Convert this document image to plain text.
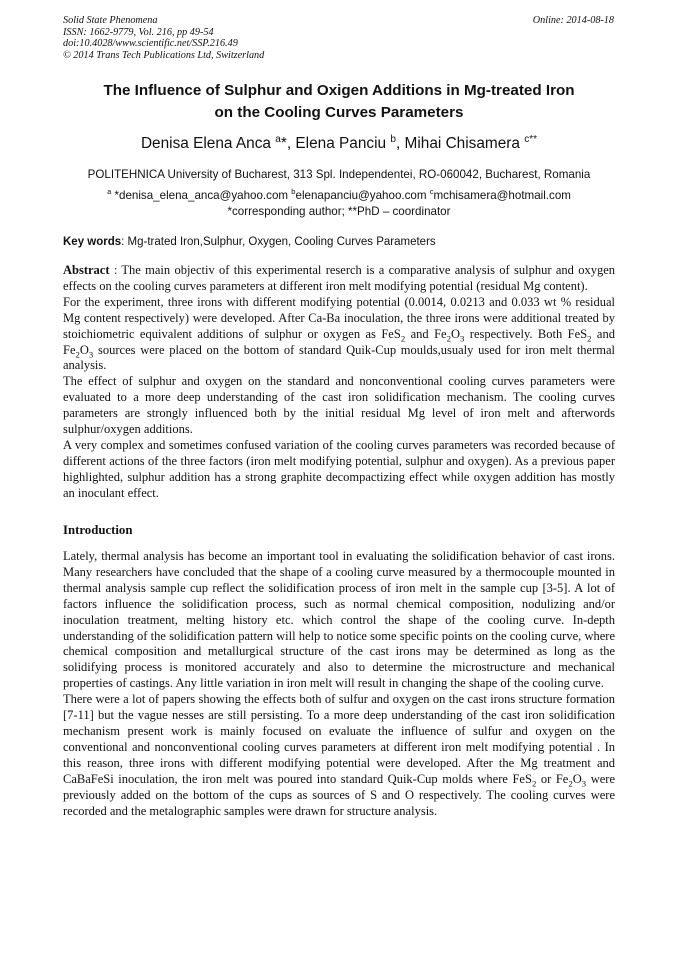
Solid State Phenomena
ISSN: 1662-9779, Vol. 216, pp 49-54
doi:10.4028/www.scientific.net/SSP.216.49
© 2014 Trans Tech Publications Ltd, Switzerland
Online: 2014-08-18
The Influence of Sulphur and Oxigen Additions in Mg-treated Iron
on the Cooling Curves Parameters
Denisa Elena Anca $^a$*, Elena Panciu $^b$, Mihai Chisamera $^{c**}$
POLITEHNICA University of Bucharest, 313 Spl. Independentei, RO-060042, Bucharest, Romania
$^a$ *denisa_elena_anca@yahoo.com $^b$elenapanciu@yahoo.com $^c$mchisamera@hotmail.com
*corresponding author; **PhD – coordinator
Key words: Mg-trated Iron,Sulphur, Oxygen, Cooling Curves Parameters

Abstract : The main objectiv of this experimental reserch is a comparative analysis of sulphur and oxygen effects on the cooling curves parameters at different iron melt modifying potential (residual Mg content).

For the experiment, three irons with different modifying potential (0.0014, 0.0213 and 0.033 wt % residual Mg content respectively) were developed. After Ca-Ba inoculation, the three irons were additional treated by stoichiometric equivalent additions of sulphur or oxygen as FeS$_2$ and $Fe_2O_3$ respectively. Both FeS$_2$ and $Fe_2O_3$ sources were placed on the bottom of standard Quik-Cup moulds,usualy used for iron melt thermal analysis.

The effect of sulphur and oxygen on the standard and nonconventional cooling curves parameters were evaluated to a more deep understanding of the cast iron solidification mechanism. The cooling curves parameters are strongly influenced both by the initial residual Mg level of iron melt and afterwords sulphur/oxygen additions.

A very complex and sometimes confused variation of the cooling curves parameters was recorded because of different actions of the three factors (iron melt modifying potential, sulphur and oxygen). As a previous paper highlighted, sulphur addition has a strong graphite decompactizing effect while oxygen addition has mostly an inoculant effect.

Introduction

Lately, thermal analysis has become an important tool in evaluating the solidification behavior of cast irons. Many researchers have concluded that the shape of a cooling curve measured by a thermocouple mounted in thermal analysis sample cup reflect the solidification process of iron melt in the sample cup [3-5]. A lot of factors influence the solidification process, such as normal chemical composition, nodulizing and/or inoculation treatment, melting history etc. which control the shape of the cooling curve. In-depth understanding of the solidification pattern will help to notice some specific points on the cooling curve, where chemical composition and metallurgical structure of the cast irons may be determined as long as the solidifying process is monitored accurately and also to determine the microstructure and mechanical properties of castings. Any little variation in iron melt will result in changing the shape of the cooling curve.

There were a lot of papers showing the effects both of sulfur and oxygen on the cast irons structure formation [7-11] but the vague nesses are still persisting. To a more deep understanding of the cast iron solidification mechanism present work is mainly focused on evaluate the influence of sulfur and oxygen on the conventional and nonconventional cooling curves parameters at different iron melt modifying potential . In this reason, three irons with different modifying potential were developed. After the Mg treatment and CaBaFeSi inoculation, the iron melt was poured into standard Quik-Cup molds where FeS$_2$ or $Fe_2O_3$ were previously added on the bottom of the cups as sources of S and O respectively. The cooling curves were recorded and the metalographic samples were drawn for structure analysis.
